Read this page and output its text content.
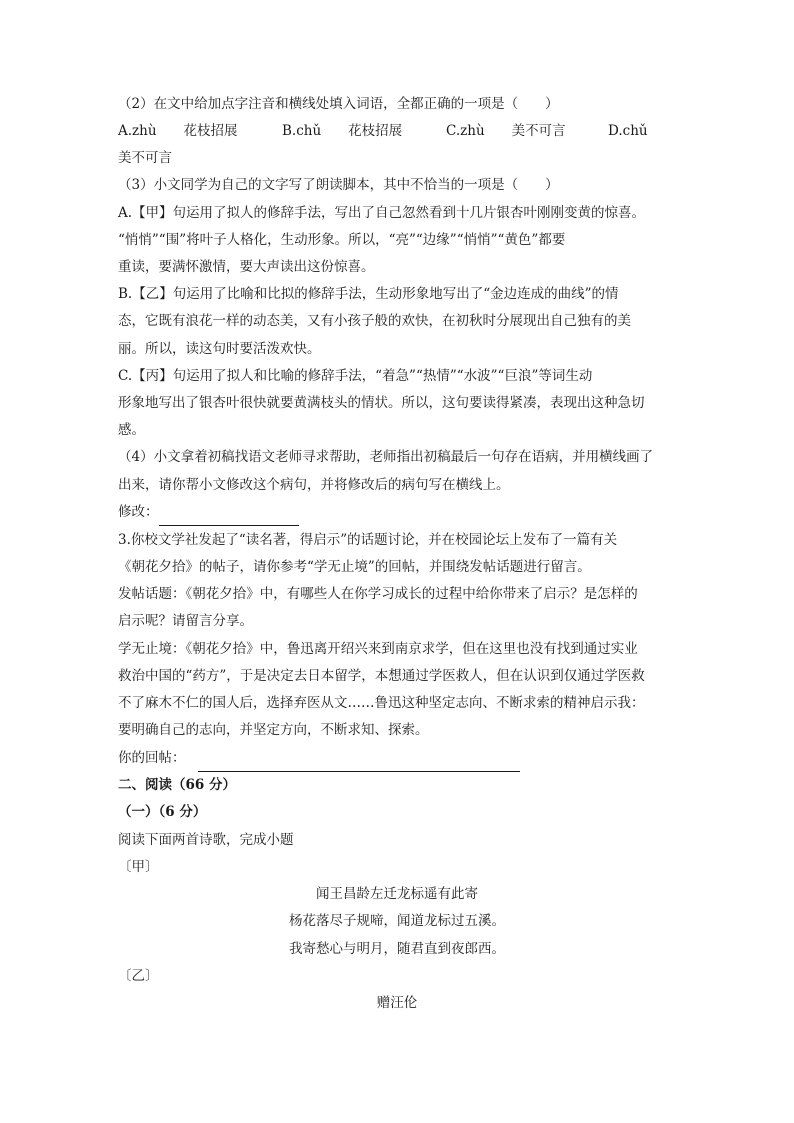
（2）在文中给加点字注音和横线处填入词语，全都正确的一项是（　　）
A.zhù　　花枝招展	B.chǔ　　花枝招展	C.zhù　　美不可言	D.chǔ
美不可言
（3）小文同学为自己的文字写了朗读脚本，其中不恰当的一项是（　　）
A.【甲】句运用了拟人的修辞手法，写出了自己忽然看到十几片银杏叶刚刚变黄的惊喜。
“悄悄”“围”将叶子人格化，生动形象。所以，“亮”“边缘”“悄悄”“黄色”都要
重读，要满怀激情，要大声读出这份惊喜。
B.【乙】句运用了比喻和比拟的修辞手法，生动形象地写出了“金边连成的曲线”的情
态，它既有浪花一样的动态美，又有小孩子般的欢快，在初秋时分展现出自己独有的美
丽。所以，读这句时要活泼欢快。
C.【丙】句运用了拟人和比喻的修辞手法，“着急”“热情”“水波”“巨浪”等词生动
形象地写出了银杏叶很快就要黄满枝头的情状。所以，这句要读得紧凑，表现出这种急切
感。
（4）小文拿着初稿找语文老师寻求帮助，老师指出初稿最后一句存在语病，并用横线画了
出来，请你帮小文修改这个病句，并将修改后的病句写在横线上。
修改：
3.你校文学社发起了“读名著，得启示”的话题讨论，并在校园论坛上发布了一篇有关
《朝花夕拾》的帖子，请你参考“学无止境”的回帖，并围绕发帖话题进行留言。
发帖话题：《朝花夕拾》中，有哪些人在你学习成长的过程中给你带来了启示？是怎样的
启示呢？请留言分享。
学无止境：《朝花夕拾》中，鲁迅离开绍兴来到南京求学，但在这里也没有找到通过实业
救治中国的“药方”，于是决定去日本留学，本想通过学医救人，但在认识到仅通过学医救
不了麻木不仁的国人后，选择弃医从文……鲁迅这种坚定志向、不断求索的精神启示我：
要明确自己的志向，并坚定方向，不断求知、探索。
你的回帖：
二、阅读（66 分）
（一）（6 分）
阅读下面两首诗歌，完成小题
〔甲〕
闻王昌龄左迁龙标遥有此寄
杨花落尽子规啼，闻道龙标过五溪。
我寄愁心与明月，随君直到夜郎西。
〔乙〕
赠汪伦
